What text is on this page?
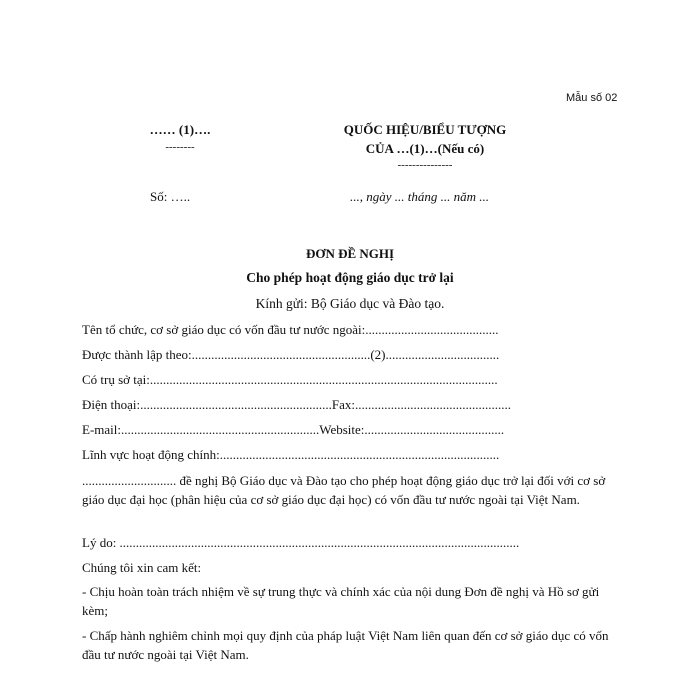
Mẫu số 02
…… (1)….
--------
QUỐC HIỆU/BIỂU TƯỢNG
CỦA …(1)…(Nếu có)
---------------
Số: …..	..., ngày ... tháng ... năm ...
ĐƠN ĐỀ NGHỊ
Cho phép hoạt động giáo dục trở lại
Kính gửi: Bộ Giáo dục và Đào tạo.
Tên tổ chức, cơ sở giáo dục có vốn đầu tư nước ngoài:.........................................
Được thành lập theo:.......................................................(2)...................................
Có trụ sở tại:...........................................................................................................
Điện thoại:...........................................................Fax:................................................
E-mail:.............................................................Website:...........................................
Lĩnh vực hoạt động chính:......................................................................................
............................. đề nghị Bộ Giáo dục và Đào tạo cho phép hoạt động giáo dục trở lại đối với cơ sở giáo dục đại học (phân hiệu của cơ sở giáo dục đại học) có vốn đầu tư nước ngoài tại Việt Nam.
Lý do: ...........................................................................................................................
Chúng tôi xin cam kết:
- Chịu hoàn toàn trách nhiệm về sự trung thực và chính xác của nội dung Đơn đề nghị và Hồ sơ gửi kèm;
- Chấp hành nghiêm chỉnh mọi quy định của pháp luật Việt Nam liên quan đến cơ sở giáo dục có vốn đầu tư nước ngoài tại Việt Nam.
